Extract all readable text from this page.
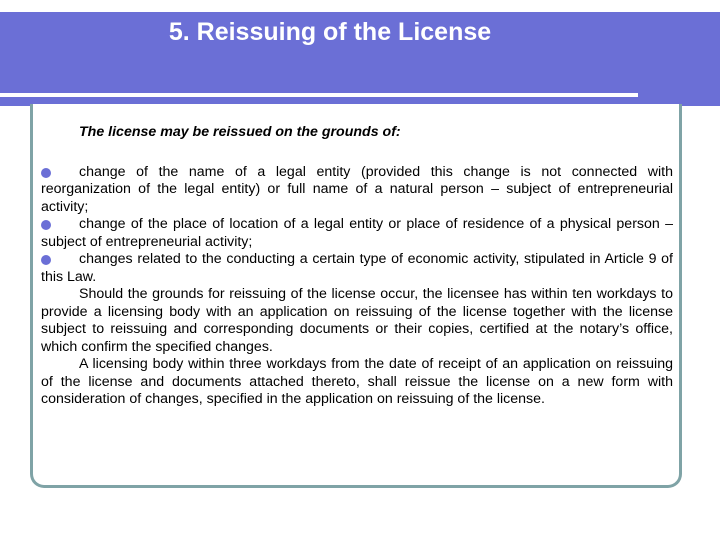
5. Reissuing of the License

The license may be reissued on the grounds of:

change of the name of a legal entity (provided this change is not connected with reorganization of the legal entity) or full name of a natural person – subject of entrepreneurial activity;

change of the place of location of a legal entity or place of residence of a physical person – subject of entrepreneurial activity;

changes related to the conducting a certain type of economic activity, stipulated in Article 9 of this Law.

Should the grounds for reissuing of the license occur, the licensee has within ten workdays to provide a licensing body with an application on reissuing of the license together with the license subject to reissuing and corresponding documents or their copies, certified at the notary’s office, which confirm the specified changes.

A licensing body within three workdays from the date of receipt of an application on reissuing of the license and documents attached thereto, shall reissue the license on a new form with consideration of changes, specified in the application on reissuing of the license.
